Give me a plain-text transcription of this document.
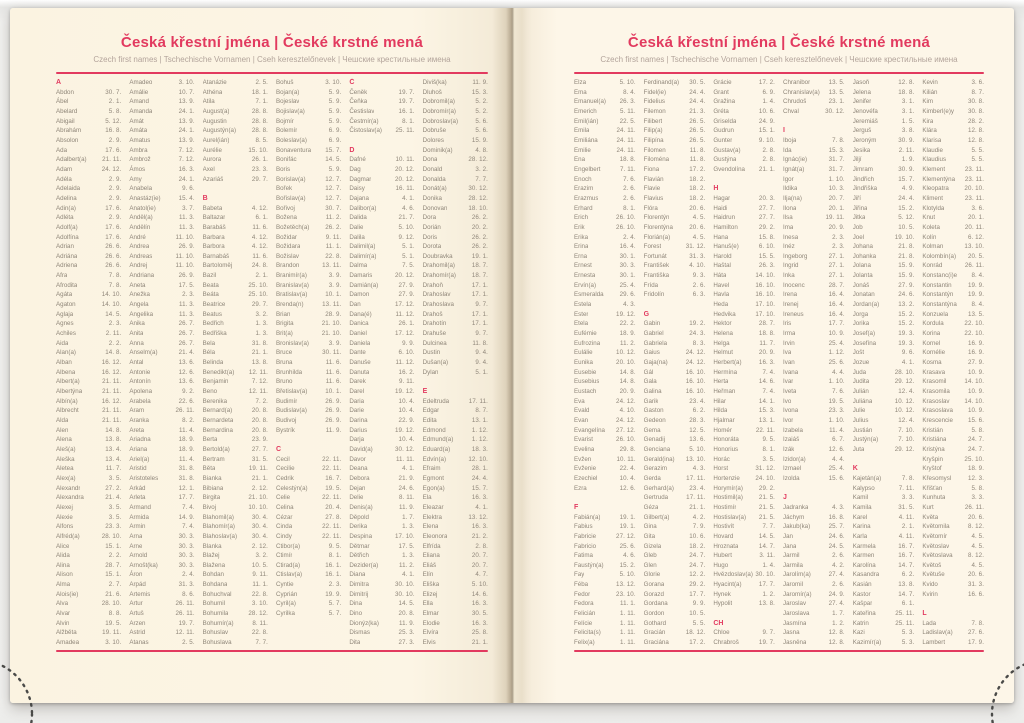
Česká křestní jména | České krstné mená
Czech first names | Tschechische Vornamen | Cseh keresztelőnevek | Чешские крестильные имена
A
Abdon	30. 7.
Ábel	2. 1.
Abelard	5. 8.
Abigail	5. 12.
Abrahám	16. 8.
Absolon	2. 9.
Ada	17. 6.
Adalbert(a)	21. 11.
Adam	24. 12.
Adéla	2. 9.
Adelaida	2. 9.
Adelina	2. 9.
Adin(a)	17. 6.
Adléta	2. 9.
Adolf(a)	17. 6.
Adolfína	17. 6.
Adrian	26. 6.
Adriána	26. 6.
Adriena	26. 6.
Afra	7. 8.
Afrodita	7. 8.
Agáta	14. 10.
Agaton	14. 10.
Aglaja	14. 5.
Agnes	2. 3.
Achiles	2. 11.
Aida	2. 2.
Alan(a)	14. 8.
Alban	16. 12.
Albena	16. 12.
Albert(a)	21. 11.
Albertýna	21. 11.
Albín(a)	16. 12.
Albrecht	21. 11.
Alda	21. 11.
Alen	14. 8.
Alena	13. 8.
Aleš(a)	13. 4.
Aleška	13. 4.
Aletea	11. 7.
Alex(a)	3. 5.
Alexandr	27. 2.
Alexandra	21. 4.
Alexej	3. 5.
Alexie	3. 5.
Alfons	23. 3.
Alfréd(a)	28. 10.
Alice	15. 1.
Alida	2. 2.
Alina	28. 7.
Alison	15. 1.
Alma	2. 7.
Alois(ie)	21. 6.
Alva	28. 10.
Alvar	8. 8.
Alvin	19. 5.
Alžběta	19. 11.
Amadea	3. 10.
Amadeo	3. 10.
Amálie	10. 7.
Amand	13. 9.
Amanda	24. 1.
Amát	13. 9.
Amáta	24. 1.
Amatus	13. 9.
Ambra	7. 12.
Ambrož	7. 12.
Ámos	16. 3.
Amy	24. 1.
Anabela	9. 6.
Anastáz(ie)	15. 4.
Anatol(ie)	3. 7.
Anděl(a)	11. 3.
Andělín	11. 3.
André	11. 10.
Andrea	26. 9.
Andreas	11. 10.
Andrej	11. 10.
Andriana	26. 9.
Aneta	17. 5.
Anežka	2. 3.
Angela	11. 3.
Angelika	11. 3.
Anika	26. 7.
Anita	26. 7.
Anna	26. 7.
Anselm(a)	21. 4.
Antal	13. 6.
Antonie	12. 6.
Antonín	13. 6.
Apolena	9. 2.
Arabela	22. 6.
Aram	26. 11.
Aranka	8. 2.
Areta	11. 4.
Ariadna	18. 9.
Ariana	18. 9.
Ariel(a)	11. 4.
Aristid	31. 8.
Aristoteles	31. 8.
Arkád	12. 1.
Arleta	17. 7.
Armand	7. 4.
Armida	14. 9.
Armin	7. 4.
Arna	30. 3.
Arne	30. 3.
Arnold	30. 3.
Arnošt(ka)	30. 3.
Áron	2. 4.
Arpád	31. 3.
Artemis	8. 6.
Artur	26. 11.
Artuš	26. 11.
Arzen	19. 7.
Astrid	12. 11.
Atanas	2. 5.
Atanázie	2. 5.
Athéna	18. 1.
Atila	7. 1.
August(a)	28. 8.
Augustin	28. 8.
Augustýn(a)	28. 8.
Aurel(ián)	8. 5.
Aurélie	15. 10.
Aurora	26. 1.
Axel	23. 3.
Azariáš	29. 7.
B
Babeta	4. 12.
Baltazar	6. 1.
Barabáš	11. 6.
Barbara	4. 12.
Barbora	4. 12.
Barnabáš	11. 6.
Bartoloměj	24. 8.
Bazil	2. 1.
Beata	25. 10.
Beáta	25. 10.
Beatrice	29. 7.
Beatus	3. 2.
Bedřich	1. 3.
Bedřiška	1. 3.
Bela	31. 8.
Béla	21. 1.
Belinda	13. 8.
Benedikt(a) 12. 11.
Benjamin	7. 12.
Beno	12. 11.
Berenika	7. 2.
Bernard(a)	20. 8.
Bernardeta	20. 8.
Bernardina	20. 8.
Berta	23. 9.
Bertold(a)	27. 7.
Bertram	31. 5.
Běta	19. 11.
Bianka	21. 1.
Bibiana	2. 12.
Birgita	21. 10.
Bivoj	10. 10.
Blahomil(a)	30. 4.
Blahomír(a)	30. 4.
Blahoslav(a) 30. 4.
Blanka	2. 12.
Blažej	3. 2.
Blažena	10. 5.
Bohdan	9. 11.
Bohdana	11. 1.
Bohuchval	22. 8.
Bohumil	3. 10.
Bohumila	28. 12.
Bohumír(a)	8. 11.
Bohuslav	22. 8.
Bohuslava	7. 7.
Bohuš	3. 10.
Bojan(a)	5. 9.
Bojeslav	5. 9.
Bojislav(a)	5. 9.
Bojmír	5. 9.
Bolemír	6. 9.
Boleslav(a)	6. 9.
Bonaventura 15. 7.
Bonifác	14. 5.
Boris	5. 9.
Borislav(a)	12. 7.
Bořek	12. 7.
Bořislav(a)	12. 7.
Bořivoj	30. 7.
Božena	11. 2.
Božetěch(a)	26. 2.
Božidar	9. 11.
Božidara	11. 1.
Božislav	22. 8.
Brandon	13. 11.
Branimír(a)	3. 9.
Branislav(a)	3. 9.
Bratislav(a)	10. 1.
Brenda(n)	13. 11.
Brian	28. 9.
Brigita	21. 10.
Brit(a)	21. 10.
Bronislav(a)	3. 9.
Bruce	30. 11.
Bruna	11. 6.
Brunhilda	11. 6.
Bruno	11. 6.
Břetislav(a)	10. 1.
Budimír	26. 9.
Budislav(a)	26. 9.
Budivoj	26. 9.
Bystrík	11. 9.
C
Cecil	22. 11.
Cecilie	22. 11.
Cedrik	16. 7.
Celestýn(a)	19. 5.
Celie	22. 11.
Celina	20. 4.
Cézar	27. 8.
Cinda	22. 11.
Cindy	22. 11.
Ctibor(a)	9. 5.
Ctimír	8. 1.
Ctirad(a)	16. 1.
Ctislav(a)	16. 1.
Cyntie	2. 3.
Cyprián	19. 9.
Cyril(a)	5. 7.
Cyrilka	5. 7.
Č
Čeněk	19. 7.
Čeňka	19. 7.
Čestislav	16. 1.
Čestmír(a)	8. 1.
Čistoslav(a) 25. 11.
D
Dafné	10. 11.
Dag	20. 12.
Dagmar	20. 12.
Daisy	16. 11.
Dajana	4. 1.
Dalibor(a)	4. 6.
Dalida	21. 7.
Dalie	5. 10.
Dalila	9. 12.
Dalimil(a)	5. 1.
Dalimír(a)	5. 1.
Dalma	7. 5.
Damaris	20. 12.
Damián(a)	27. 9.
Damon	27. 9.
Dan	17. 12.
Dana(é)	11. 12.
Danica	26. 1.
Daniel	17. 12.
Daniela	9. 9.
Dante	6. 10.
Danuše	11. 12.
Danuta	16. 2.
Darek	9. 11.
Darel	19. 12.
Daria	10. 4.
Darie	10. 4.
Darina	22. 9.
Darius	19. 12.
Darja	10. 4.
David(a)	30. 12.
Davor	11. 11.
Deana	4. 1.
Debora	21. 9.
Dejan	24. 6.
Delie	8. 11.
Denis(a)	11. 9.
Děpold	1. 7.
Derika	1. 3.
Despina	17. 10.
Dětmar	17. 5.
Dětřich	1. 3.
Dezider(a)	11. 2.
Diana	4. 1.
Dimitra	30. 10.
Dimitrij	30. 10.
Dina	14. 5.
Dino	20. 8.
Dionýz(ka)	11. 9.
Dismas	25. 3.
Dita	27. 3.
Diviš(ka)	11. 9.
Dluhoš	15. 3.
Dobromil(a)	5. 2.
Dobromír(a)	5. 2.
Dobroslav(a)	5. 6.
Dobruše	5. 6.
Dolores	15. 9.
Dominik(a)	4. 8.
Dona	28. 12.
Donald	3. 2.
Donalda	7. 7.
Donát(a)	30. 12.
Donika	28. 12.
Donovan	18. 10.
Dora	26. 2.
Dorián	20. 2.
Doris	26. 2.
Dorota	26. 2.
Doubravka	19. 1.
Drahomil(a)	18. 7.
Drahomír(a)	18. 7.
Drahoň	17. 1.
Drahoslav	17. 1.
Drahoslava	9. 7.
Drahoš	17. 1.
Drahotín	17. 1.
Drahuše	9. 7.
Dulcinea	11. 8.
Dustin	9. 4.
Dušan(a)	9. 4.
Dylan	5. 1.
E
Edeltruda	17. 11.
Edgar	8. 7.
Edita	13. 1.
Edmond	1. 12.
Edmund(a)	1. 12.
Eduard(a)	18. 3.
Edvín(a)	12. 10.
Efraim	28. 1.
Egmont	24. 4.
Egon(a)	15. 7.
Ela	16. 3.
Eleazar	4. 1.
Elektra	13. 12.
Elena	16. 3.
Eleonora	21. 2.
Elfrída	2. 8.
Eliana	20. 7.
Eliáš	20. 7.
Elín	4. 7.
Eliška	5. 10.
Elizej	14. 6.
Ella	16. 3.
Elmar	30. 5.
Elodie	16. 3.
Elvíra	25. 8.
Elvis	21. 1.
Česká křestní jména | České krstné mená
Czech first names | Tschechische Vornamen | Cseh keresztelőnevek | Чешские крестильные имена
Elza	5. 10.
Ema	8. 4.
Emanuel(a) 26. 3.
Emerich	5. 11.
Emil(ián)	22. 5.
Emila	24. 11.
Emiliána	24. 11.
Emilie	24. 11.
Ena	18. 8.
Engelbert	7. 11.
Enoch	7. 6.
Erazim	2. 6.
Erazmus	2. 6.
Erhard	8. 1.
Erich	26. 10.
Erik	26. 10.
Erika	2. 4.
Erina	16. 4.
Erna	30. 1.
Ernest	30. 3.
Ernesta	30. 1.
Ervín(a)	25. 4.
Esmeralda	29. 6.
Estela	4. 3.
Ester	19. 12.
Etela	22. 2.
Eufémie	18. 9.
Eufrozina	11. 2.
Eulálie	10. 12.
Eunika	20. 10.
Eusebie	14. 8.
Eusebius	14. 8.
Eustach	20. 9.
Eva	24. 12.
Evald	4. 10.
Evan	24. 12.
Evangelína 27. 12.
Evarist	26. 10.
Evelina	29. 8.
Evžen	10. 11.
Evženie	22. 4.
Ezechiel	10. 4.
Ezra	12. 6.
F
Fabián(a)	19. 1.
Fabius	19. 1.
Fabricie	27. 12.
Fabricio	25. 6.
Fatima	4. 6.
Faustýn(a)	15. 2.
Fay	5. 10.
Féba	13. 12.
Fedor	23. 10.
Fedora	11. 1.
Felicián	1. 11.
Felície	1. 11.
Felicita(s)	1. 11.
Felix(a)	1. 11.
Ferdinand(a) 30. 5.
Fidel(ie)	24. 4.
Fidelius	24. 4.
Filemon	21. 3.
Filibert	26. 5.
Filip(a)	26. 5.
Filipína	26. 5.
Filomen	11. 8.
Filoména	11. 8.
Fiona	17. 2.
Flavián	18. 2.
Flavie	18. 2.
Flavius	18. 2.
Flóra	20. 6.
Florentýn	4. 5.
Florentýna	20. 6.
Florián(a)	4. 5.
Forest	31. 12.
Fortunát	31. 3.
František	4. 10.
Františka	9. 3.
Frída	2. 6.
Fridolín	6. 3.
G
Gabin	19. 2.
Gabriel	24. 3.
Gabriela	8. 3.
Gaius	24. 12.
Gaja(na)	24. 12.
Gál	16. 10.
Gala	16. 10.
Galina	16. 10.
Garik	23. 4.
Gaston	6. 2.
Gedeon	28. 3.
Gema	12. 5.
Genadij	13. 6.
Genciana	5. 10.
Gerald(ina) 13. 10.
Gerazim	4. 3.
Gerda	17. 11.
Gerhard(a) 23. 4.
Gertruda	17. 11.
Géza	21. 1.
Gilbert(a)	4. 2.
Gina	7. 9.
Gita	10. 6.
Gizela	18. 2.
Gleb	24. 7.
Glen	24. 7.
Glorie	12. 2.
Gorana	29. 2.
Gorazd	17. 7.
Gordana	9. 9.
Gordon	10. 5.
Gothard	5. 5.
Gracián	18. 12.
Graciána	17. 2.
Grácie	17. 2.
Grant	6. 9.
Gražina	1. 4.
Gréta	10. 6.
Griselda	24. 9.
Gudrun	15. 1.
Gunter	9. 10.
Gustav(a)	2. 8.
Gustýna	2. 8.
Gvendolína 21. 1.
H
Hagar	20. 3.
Haidi	27. 7.
Haidrun	27. 7.
Hamilton	29. 2.
Hana	15. 8.
Hanuš(e)	6. 10.
Harold	15. 5.
Haštal	26. 3.
Háta	14. 10.
Havel	16. 10.
Havla	16. 10.
Heda	17. 10.
Hedvika	17. 10.
Hektor	28. 7.
Helena	18. 8.
Helga	11. 7.
Helmut	20. 9.
Herbert(a)	16. 3.
Hermína	7. 4.
Herta	14. 6.
Heřman	7. 4.
Hilar	14. 1.
Hilda	15. 3.
Hjalmar	13. 1.
Homér	22. 11.
Honoráta	9. 5.
Honorius	8. 1.
Horác	3. 5.
Horst	31. 12.
Hortenzie	24. 10.
Horymír(a)	29. 2.
Hostimil(a)	21. 5.
Hostimír	21. 5.
Hostislav(a) 21. 5.
Hostivít	7. 7.
Hovard	14. 5.
Hroznata	14. 7.
Hubert	3. 11.
Hugo	1. 4.
Hvězdoslav(a) 30. 10.
Hyacint(a)	17. 7.
Hynek	1. 2.
Hypolit	13. 8.
CH
Chloe	9. 7.
Chrabroš	19. 7.
Chranibor	13. 5.
Chranislav(a) 13. 5.
Chrudoš	23. 1.
Chval	30. 12.
I
Iboja	7. 8.
Ida	15. 3.
Ignác(ie)	31. 7.
Ignát(a)	31. 7.
Igor	1. 10.
Ildika	10. 3.
Ilja(na)	20. 7.
Ilona	20. 1.
Ilsa	19. 11.
Ima	20. 9.
Inesa	2. 3.
Inéz	2. 3.
Ingeborg	27. 1.
Ingrid	27. 1.
Inka	27. 1.
Inocenc	28. 7.
Irena	16. 4.
Irenej	16. 4.
Ireneus	16. 4.
Iris	17. 7.
Irma	10. 9.
Irvin	25. 4.
Iva	1. 12.
Ivan	25. 6.
Ivana	4. 4.
Ivar	1. 10.
Iveta	7. 6.
Ivo	19. 5.
Ivona	23. 3.
Ivor	1. 10.
Izabela	11. 4.
Izaiáš	6. 7.
Izák	12. 6.
Izidor(a)	4. 4.
Izmael	25. 4.
Izolda	15. 6.
J
Jadranka	4. 3.
Jáchym	16. 8.
Jakub(ka)	25. 7.
Jan	24. 6.
Jana	24. 5.
Jarmil	2. 6.
Jarmila	4. 2.
Jarolím(a)	27. 4.
Jaromil	2. 6.
Jaromír(a)	24. 9.
Jaroslav	27. 4.
Jaroslava	1. 7.
Jasmína	1. 2.
Jasna	12. 8.
Jasněna	12. 8.
Jasoň	12. 8.
Jelena	18. 8.
Jenifer	3. 1.
Jenovéfa	3. 1.
Jeremiáš	1. 5.
Jerguš	3. 8.
Jeroným	30. 9.
Jesika	2. 11.
Jiljí	1. 9.
Jimram	30. 9.
Jindřich	15. 7.
Jindřiška	4. 9.
Jiří	24. 4.
Jiřina	15. 2.
Jitka	5. 12.
Job	10. 5.
Joel	19. 10.
Johana	21. 8.
Johanka	21. 8.
Jolana	15. 9.
Jolanta	15. 9.
Jonáš	27. 9.
Jonatan	24. 6.
Jordan(a)	13. 2.
Jorga	15. 2.
Jorika	15. 2.
Josef(a)	19. 3.
Josefína	19. 3.
Jošt	9. 6.
Jozue	4. 1.
Juda	28. 10.
Judita	29. 12.
Julián	12. 4.
Juliána	10. 12.
Julie	10. 12.
Julius	12. 4.
Justián	7. 10.
Justýn(a)	7. 10.
Juta	29. 12.
K
Kajetán(a)	7. 8.
Kalypso	7. 11.
Kamil	3. 3.
Kamila	31. 5.
Karel	4. 11.
Karina	2. 1.
Karla	4. 11.
Karmela	16. 7.
Karmen	16. 7.
Karolína	14. 7.
Kasandra	6. 2.
Kasián	13. 8.
Kastor	14. 7.
Kašpar	6. 1.
Kateřina	25. 11.
Katrin	25. 11.
Kazi	5. 3.
Kazimír(a)	5. 3.
Kevin	3. 6.
Kilián	8. 7.
Kim	30. 8.
Kimberl(e)y 30. 8.
Kira	28. 2.
Klára	12. 8.
Klarisa	12. 8.
Klaudie	5. 5.
Klaudius	5. 5.
Klement	23. 11.
Klementýna 23. 11.
Kleopatra	20. 10.
Kliment	23. 11.
Klotylda	3. 6.
Knut	20. 1.
Koleta	20. 11.
Kolín	6. 12.
Kolman	13. 10.
Kolombín(a) 20. 5.
Konrád	26. 11.
Konstanc(i)e 8. 4.
Konstantin	19. 9.
Konstantýn 19. 9.
Konstantýna 8. 4.
Konzuela	13. 5.
Kordula	22. 10.
Korina	22. 10.
Kornel	16. 9.
Kornélie	16. 9.
Kosma	27. 9.
Krasava	10. 9.
Krasomil	14. 10.
Krasomila	10. 9.
Krasoslav 14. 10.
Krasoslava 10. 9.
Krescencie 15. 6.
Kristián	5. 8.
Kristiána	24. 7.
Kristýna	24. 7.
Kryšpin	25. 10.
Kryštof	18. 9.
Křesomysl	12. 3.
Křišťan	5. 8.
Kunhuta	3. 3.
Kurt	26. 11.
Květa	20. 6.
Květomila	8. 12.
Květomír	4. 5.
Květoslav	4. 5.
Květoslava 8. 12.
Květoš	4. 5.
Květuše	20. 6.
Kvido	31. 3.
Kvirin	16. 6.
L
Lada	7. 8.
Ladislav(a) 27. 6.
Lambert	17. 9.
